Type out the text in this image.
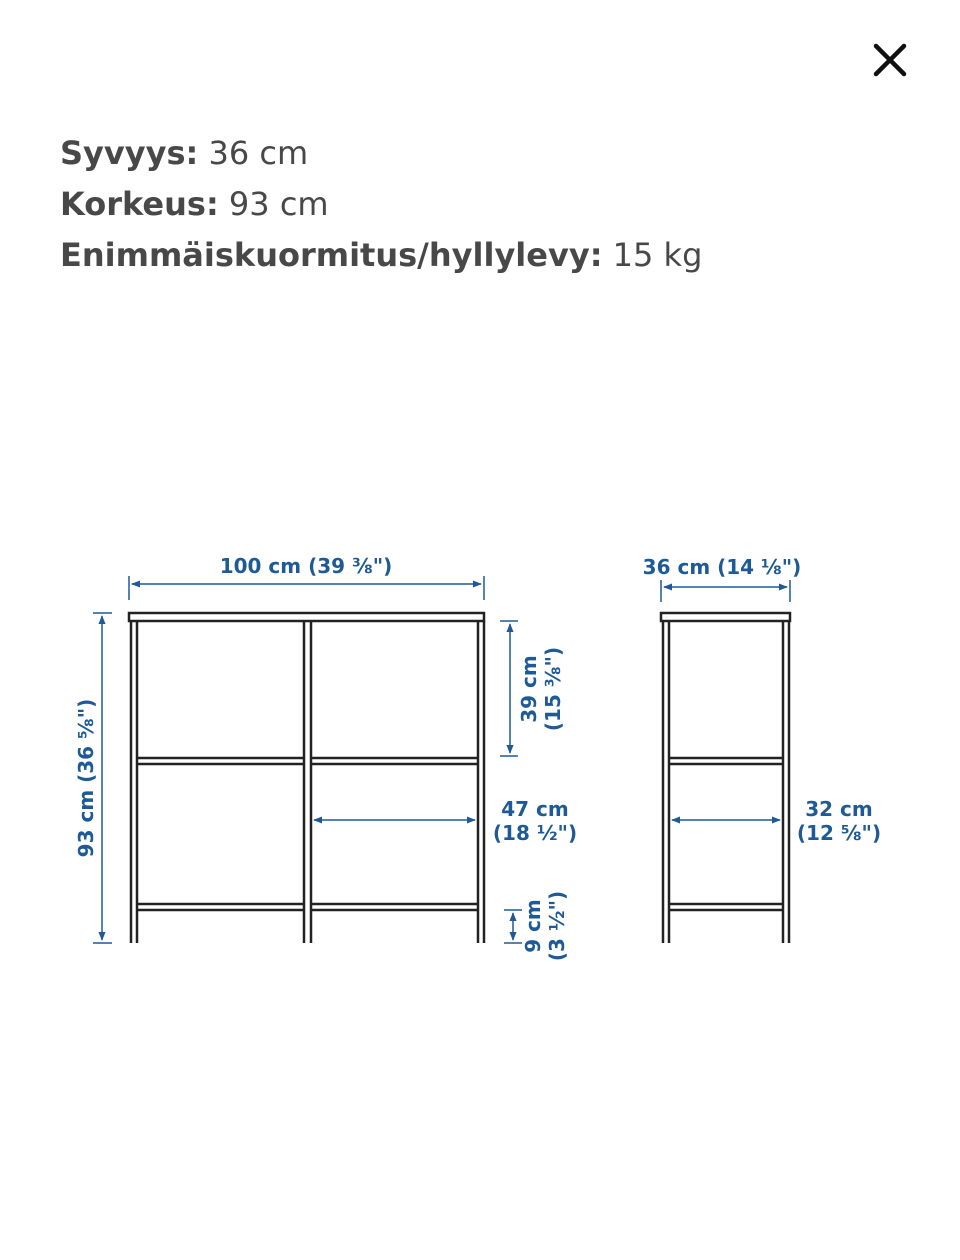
Syvyys: 36 cm
Korkeus: 93 cm
Enimmäiskuormitus/hyllylevy: 15 kg
100 cm (39 ⅜")
93 cm (36 ⅝")
39 cm (15 ⅜")
47 cm
(18 ½")
9 cm (3 ½")
36 cm (14 ⅛")
32 cm
(12 ⅝")
